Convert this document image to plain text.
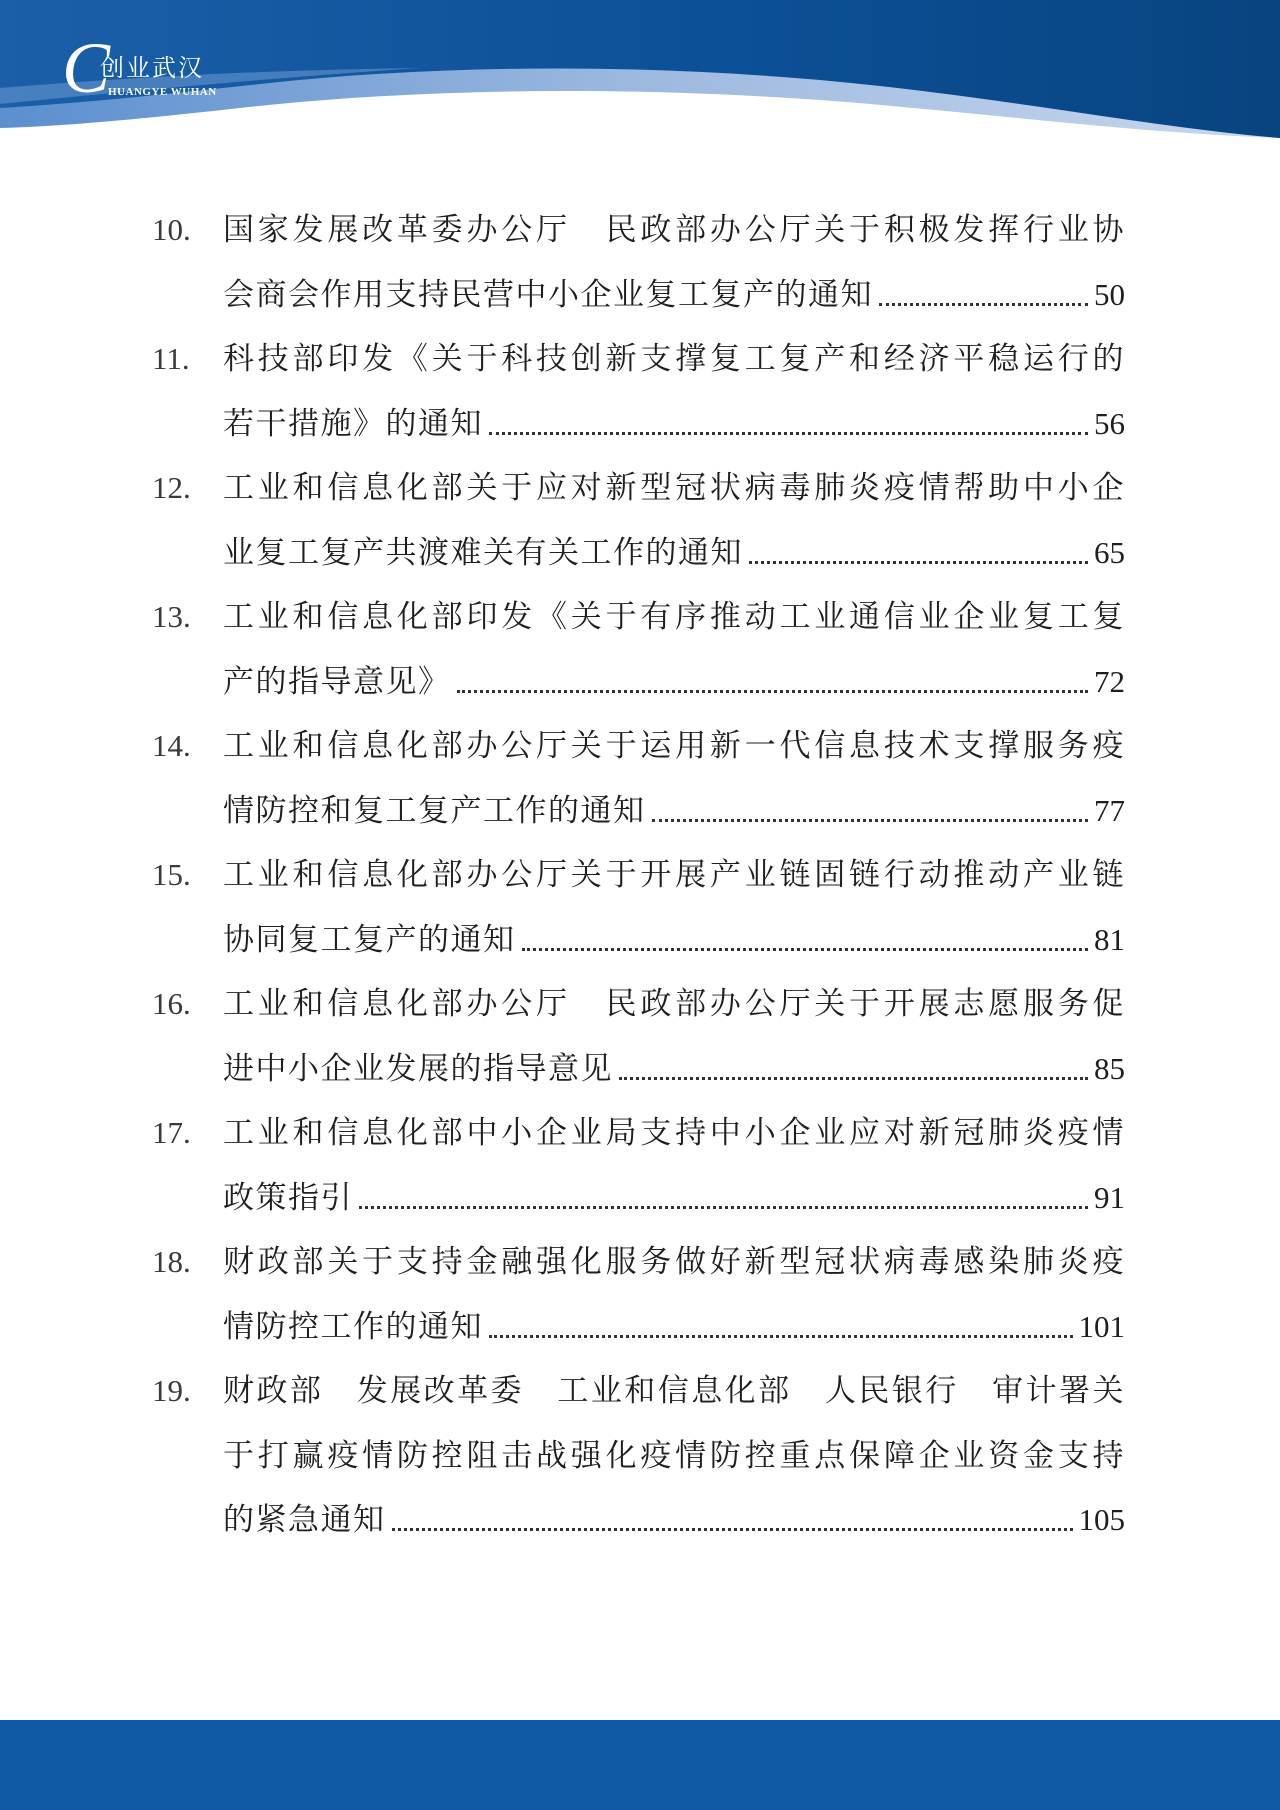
C
创业武汉
HUANGYE WUHAN
10.	国家发展改革委办公厅　民政部办公厅关于积极发挥行业协
会商会作用支持民营中小企业复工复产的通知	50
11.	科技部印发《关于科技创新支撑复工复产和经济平稳运行的
若干措施》的通知	56
12.	工业和信息化部关于应对新型冠状病毒肺炎疫情帮助中小企
业复工复产共渡难关有关工作的通知	65
13.	工业和信息化部印发《关于有序推动工业通信业企业复工复
产的指导意见》	72
14.	工业和信息化部办公厅关于运用新一代信息技术支撑服务疫
情防控和复工复产工作的通知	77
15.	工业和信息化部办公厅关于开展产业链固链行动推动产业链
协同复工复产的通知	81
16.	工业和信息化部办公厅　民政部办公厅关于开展志愿服务促
进中小企业发展的指导意见	85
17.	工业和信息化部中小企业局支持中小企业应对新冠肺炎疫情
政策指引	91
18.	财政部关于支持金融强化服务做好新型冠状病毒感染肺炎疫
情防控工作的通知	101
19.	财政部　发展改革委　工业和信息化部　人民银行　审计署关
于打赢疫情防控阻击战强化疫情防控重点保障企业资金支持
的紧急通知	105
